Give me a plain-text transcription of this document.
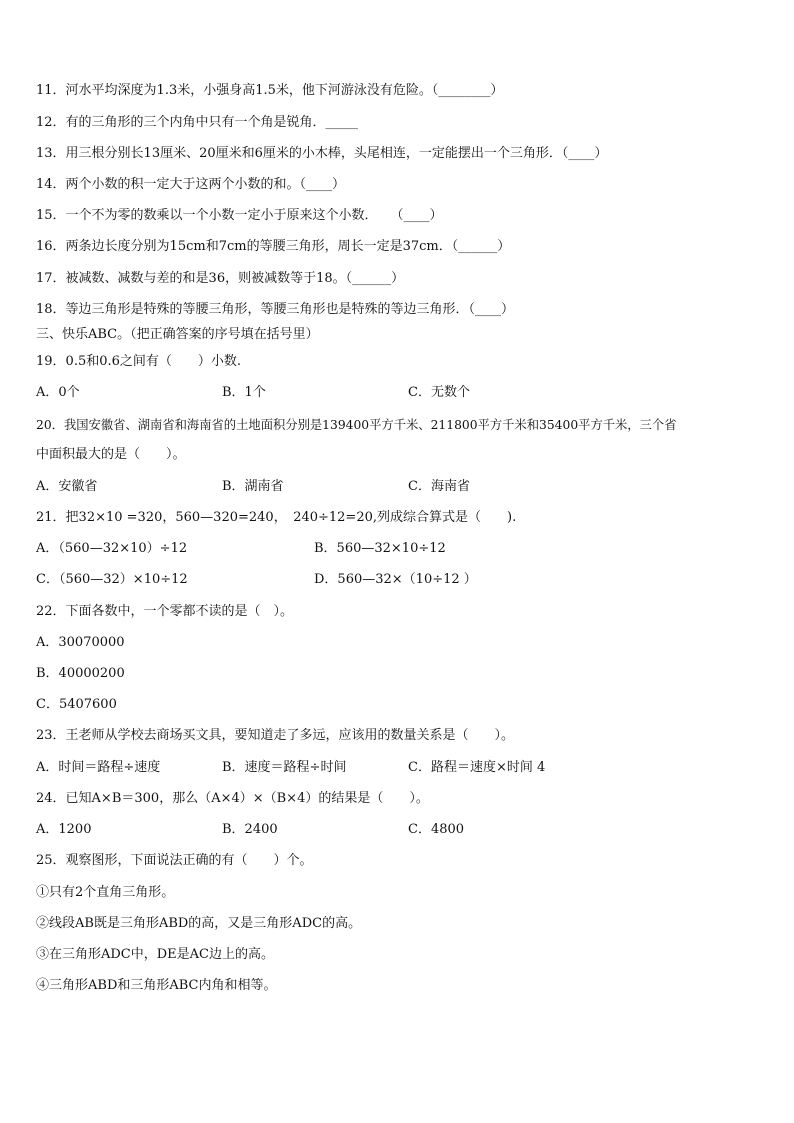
11．河水平均深度为1.3米，小强身高1.5米，他下河游泳没有危险。（________）
12．有的三角形的三个内角中只有一个角是锐角．_____
13．用三根分别长13厘米、20厘米和6厘米的小木棒，头尾相连，一定能摆出一个三角形．（____）
14．两个小数的积一定大于这两个小数的和。（____）
15．一个不为零的数乘以一个小数一定小于原来这个小数．　　（____）
16．两条边长度分别为15cm和7cm的等腰三角形，周长一定是37cm．（______）
17．被减数、减数与差的和是36，则被减数等于18。（______）
18．等边三角形是特殊的等腰三角形，等腰三角形也是特殊的等边三角形．（____）
三、快乐ABC。（把正确答案的序号填在括号里）
19．0.5和0.6之间有（　　）小数.
A．0个	B．1个	C．无数个
20．我国安徽省、湖南省和海南省的土地面积分别是139400平方千米、211800平方千米和35400平方千米，三个省
中面积最大的是（　　）。
A．安徽省	B．湖南省	C．海南省
21．把32×10 =320，560—320=240，　240÷12=20,列成综合算式是（　　).
A．（560—32×10）÷12	B．560—32×10÷12
C．（560—32）×10÷12	D．560—32×（10÷12 ）
22．下面各数中，一个零都不读的是（　）。
A．30070000
B．40000200
C．5407600
23．王老师从学校去商场买文具，要知道走了多远，应该用的数量关系是（　　）。
A．时间＝路程÷速度	B．速度＝路程÷时间	C．路程＝速度×时间 4
24．已知A×B＝300，那么（A×4）×（B×4）的结果是（　　）。
A．1200	B．2400	C．4800
25．观察图形，下面说法正确的有（　　）个。
①只有2个直角三角形。
②线段AB既是三角形ABD的高，又是三角形ADC的高。
③在三角形ADC中，DE是AC边上的高。
④三角形ABD和三角形ABC内角和相等。
